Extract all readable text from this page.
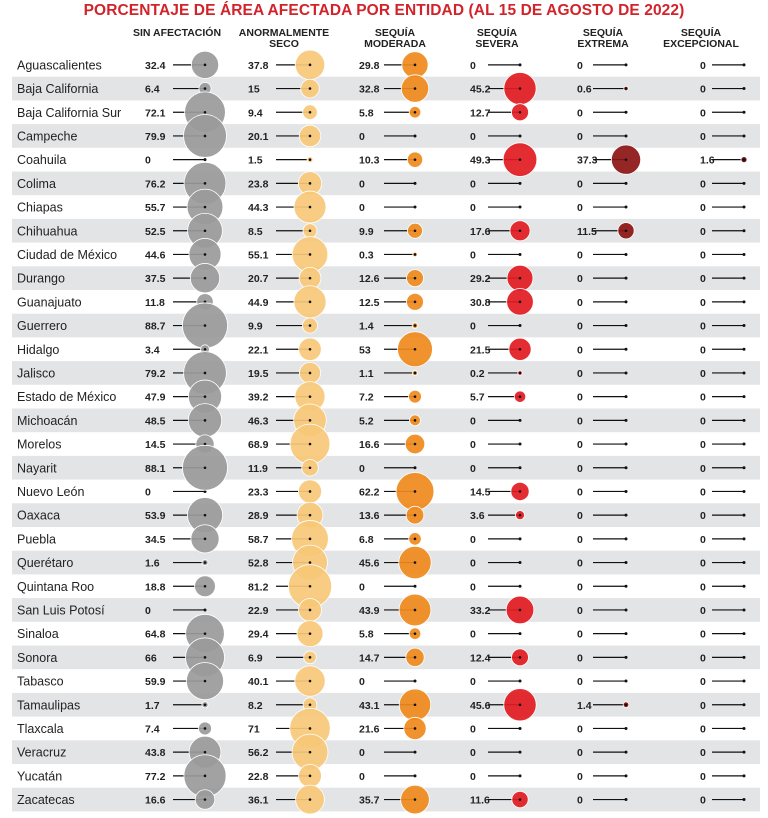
PORCENTAJE DE ÁREA AFECTADA POR ENTIDAD (AL 15 DE AGOSTO DE 2022)
SIN AFECTACIÓN	ANORMALMENTE
SECO
SEQUÍA
MODERADA
SEQUÍA
SEVERA
SEQUÍA
EXTREMA
SEQUÍA
EXCEPCIONAL
Aguascalientes	32.4	37.8	29.8	0	0	0
Baja California	6.4	15	32.8	45.2	0.6	0
Baja California Sur 72.1	9.4	5.8	12.7	0	0
Campeche	79.9	20.1	0	0	0	0
Coahuila	0	1.5	10.3	49.3	37.3	1.6
Colima	76.2	23.8	0	0	0	0
Chiapas	55.7	44.3	0	0	0	0
Chihuahua	52.5	8.5	9.9	17.6	11.5	0
Ciudad de México	44.6	55.1	0.3	0	0	0
Durango	37.5	20.7	12.6	29.2	0	0
Guanajuato	11.8	44.9	12.5	30.8	0	0
Guerrero	88.7	9.9	1.4	0	0	0
Hidalgo	3.4	22.1	53	21.5	0	0
Jalisco	79.2	19.5	1.1	0.2	0	0
Estado de México	47.9	39.2	7.2	5.7	0	0
Michoacán	48.5	46.3	5.2	0	0	0
Morelos	14.5	68.9	16.6	0	0	0
Nayarit	88.1	11.9	0	0	0	0
Nuevo León	0	23.3	62.2	14.5	0	0
Oaxaca	53.9	28.9	13.6	3.6	0	0
Puebla	34.5	58.7	6.8	0	0	0
Querétaro	1.6	52.8	45.6	0	0	0
Quintana Roo	18.8	81.2	0	0	0	0
San Luis Potosí	0	22.9	43.9	33.2	0	0
Sinaloa	64.8	29.4	5.8	0	0	0
Sonora	66	6.9	14.7	12.4	0	0
Tabasco	59.9	40.1	0	0	0	0
Tamaulipas	1.7	8.2	43.1	45.6	1.4	0
Tlaxcala	7.4	71	21.6	0	0	0
Veracruz	43.8	56.2	0	0	0	0
Yucatán	77.2	22.8	0	0	0	0
Zacatecas	16.6	36.1	35.7	11.6	0	0
